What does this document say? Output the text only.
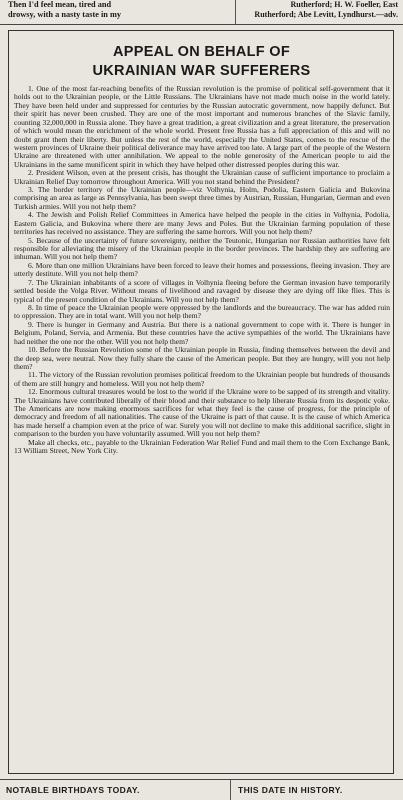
Then I'd feel mean, tired and
drowsy, with a nasty taste in my
Rutherford; H. W. Foeller, East
Rutherford; Abe Levitt, Lyndhurst.—adv.
APPEAL ON BEHALF OF
UKRAINIAN WAR SUFFERERS

1. One of the most far-reaching benefits of the Russian revolution is the promise of political self-government that it holds out to the Ukrainian people, or the Little Russians. The Ukrainians have not made much noise in the world lately. They have been held under and suppressed for centuries by the Russian autocratic government, now happily defunct. But their spirit has never been crushed. They are one of the most important and numerous branches of the Slavic family, counting 32,000,000 in Russia alone. They have a great tradition, a great civilization and a great literature, the preservation of which would mean the enrichment of the whole world. Present free Russia has a full appreciation of this and will no doubt grant them their liberty. But unless the rest of the world, especially the United States, comes to the rescue of the western provinces of Ukraine their political deliverance may have arrived too late. A large part of the people of the Western Ukraine are threatened with utter annihilation. We appeal to the noble generosity of the American people to aid the Ukrainians in the same munificent spirit in which they have helped other distressed peoples during this war.

2. President Wilson, even at the present crisis, has thought the Ukrainian cause of sufficient importance to proclaim a Ukrainian Relief Day tomorrow throughout America. Will you not stand behind the President?

3. The border territory of the Ukrainian people—viz Volhynia, Holm, Podolia, Eastern Galicia and Bukovina comprising an area as large as Pennsylvania, has been swept three times by Austrian, Russian, Hungarian, German and even Turkish armies. Will you not help them?

4. The Jewish and Polish Relief Committees in America have helped the people in the cities in Volhynia, Podolia, Eastern Galicia, and Bukovina where there are many Jews and Poles. But the Ukrainian farming population of these territories has received no assistance. They are suffering the same horrors. Will you not help them?

5. Because of the uncertainty of future sovereignty, neither the Teutonic, Hungarian nor Russian authorities have felt responsible for alleviating the misery of the Ukrainian people in the border provinces. The hardship they are suffering are inhuman. Will you not help them?

6. More than one million Ukrainians have been forced to leave their homes and possessions, fleeing invasion. They are utterly destitute. Will you not help them?

7. The Ukrainian inhabitants of a score of villages in Volhynia fleeing before the German invasion have temporarily settled beside the Volga River. Without means of livelihood and ravaged by disease they are dying off like flies. This is typical of the present condition of the Ukrainians. Will you not help them?

8. In time of peace the Ukrainian people were oppressed by the landlords and the bureaucracy. The war has added ruin to oppression. They are in total want. Will you not help them?

9. There is hunger in Germany and Austria. But there is a national government to cope with it. There is hunger in Belgium, Poland, Servia, and Armenia. But these countries have the active sympathies of the world. The Ukrainians have had neither the one nor the other. Will you not help them?

10. Before the Russian Revolution some of the Ukrainian people in Russia, finding themselves between the devil and the deep sea, were neutral. Now they fully share the cause of the American people. But they are hungry, will you not help them?

11. The victory of the Russian revolution promises political freedom to the Ukrainian people but hundreds of thousands of them are still hungry and homeless. Will you not help them?

12. Enormous cultural treasures would be lost to the world if the Ukraine were to be sapped of its strength and vitality. The Ukrainians have contributed liberally of their blood and their substance to help liberate Russia from its despotic yoke. The Americans are now making enormous sacrifices for what they feel is the cause of progress, for the principle of democracy and freedom of all nationalities. The cause of the Ukraine is part of that cause. It is the cause of which America has made herself a champion even at the price of war. Surely you will not decline to make this additional sacrifice, slight in comparison to the burden you have voluntarily assumed. Will you not help them?

Make all checks, etc., payable to the Ukrainian Federation War Relief Fund and mail them to the Corn Exchange Bank, 13 William Street, New York City.

NOTABLE BIRTHDAYS TODAY.	THIS DATE IN HISTORY.
